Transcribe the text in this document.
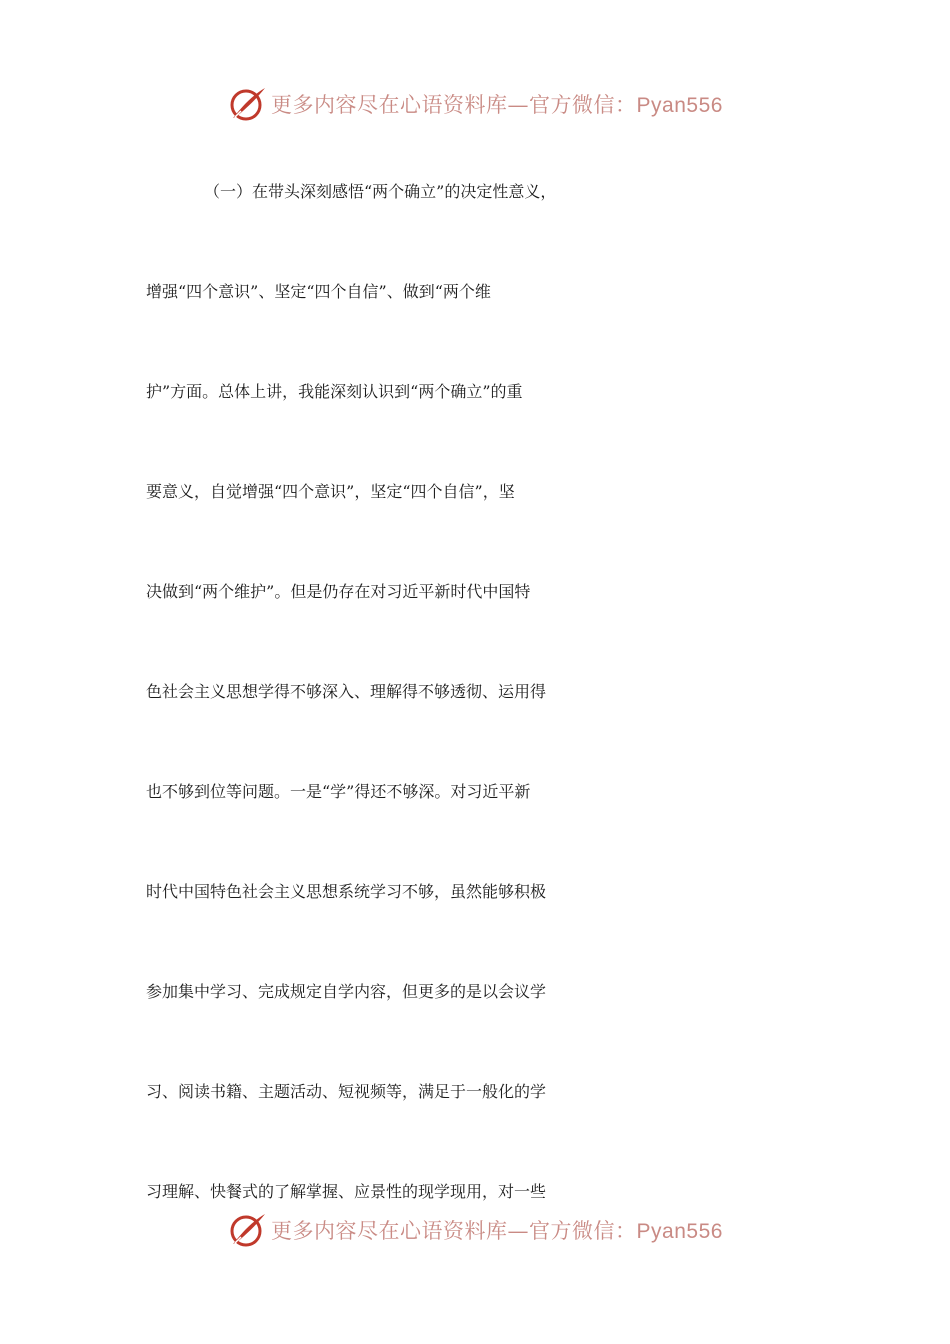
更多内容尽在心语资料库—官方微信：Pyan556
（一）在带头深刻感悟“两个确立”的决定性意义，
增强“四个意识”、坚定“四个自信”、做到“两个维
护”方面。总体上讲，我能深刻认识到“两个确立”的重
要意义，自觉增强“四个意识”，坚定“四个自信”，坚
决做到“两个维护”。但是仍存在对习近平新时代中国特
色社会主义思想学得不够深入、理解得不够透彻、运用得
也不够到位等问题。一是“学”得还不够深。对习近平新
时代中国特色社会主义思想系统学习不够，虽然能够积极
参加集中学习、完成规定自学内容，但更多的是以会议学
习、阅读书籍、主题活动、短视频等，满足于一般化的学
习理解、快餐式的了解掌握、应景性的现学现用，对一些
更多内容尽在心语资料库—官方微信：Pyan556
